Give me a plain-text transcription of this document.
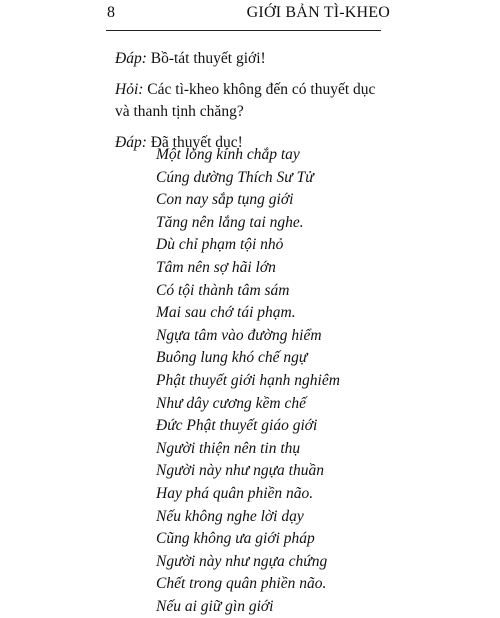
8	GIỚI BẢN TÌ-KHEO

Đáp: Bồ-tát thuyết giới!

Hỏi: Các tì-kheo không đến có thuyết dục và thanh tịnh chăng?

Đáp: Đã thuyết dục!

Một lòng kính chắp tay
Cúng dường Thích Sư Tử
Con nay sắp tụng giới
Tăng nên lắng tai nghe.
Dù chỉ phạm tội nhỏ
Tâm nên sợ hãi lớn
Có tội thành tâm sám
Mai sau chớ tái phạm.
Ngựa tâm vào đường hiểm
Buông lung khó chế ngự
Phật thuyết giới hạnh nghiêm
Như dây cương kềm chế
Đức Phật thuyết giáo giới
Người thiện nên tin thụ
Người này như ngựa thuần
Hay phá quân phiền não.
Nếu không nghe lời dạy
Cũng không ưa giới pháp
Người này như ngựa chứng
Chết trong quân phiền não.
Nếu ai giữ gìn giới
